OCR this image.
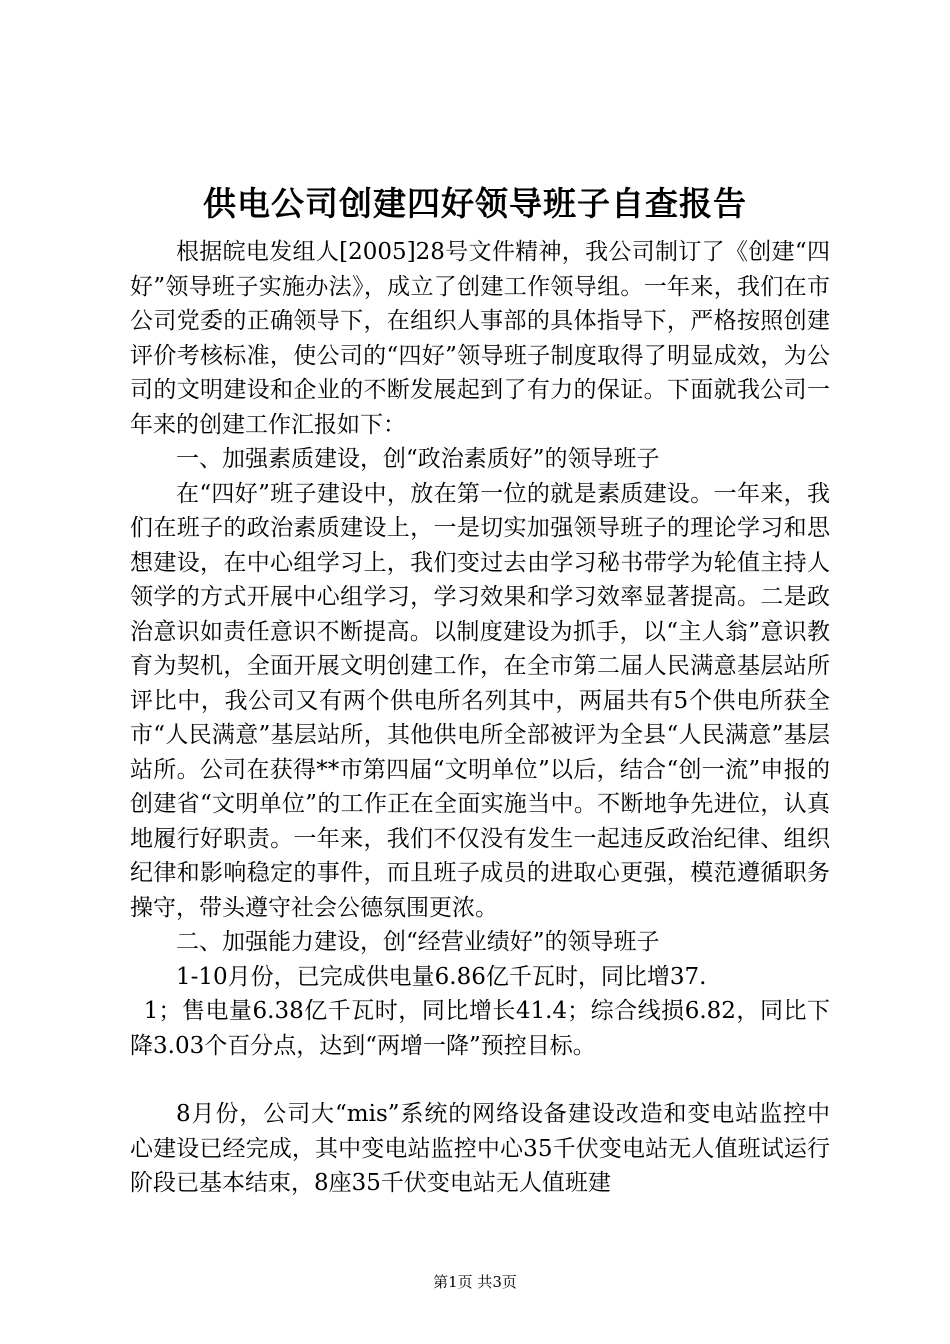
供电公司创建四好领导班子自查报告

根据皖电发组人[2005]28号文件精神，我公司制订了《创建“四好”领导班子实施办法》，成立了创建工作领导组。一年来，我们在市公司党委的正确领导下，在组织人事部的具体指导下，严格按照创建评价考核标准，使公司的“四好”领导班子制度取得了明显成效，为公司的文明建设和企业的不断发展起到了有力的保证。下面就我公司一年来的创建工作汇报如下：

一、加强素质建设，创“政治素质好”的领导班子

在“四好”班子建设中，放在第一位的就是素质建设。一年来，我们在班子的政治素质建设上，一是切实加强领导班子的理论学习和思想建设，在中心组学习上，我们变过去由学习秘书带学为轮值主持人领学的方式开展中心组学习，学习效果和学习效率显著提高。二是政治意识如责任意识不断提高。以制度建设为抓手，以“主人翁”意识教育为契机，全面开展文明创建工作，在全市第二届人民满意基层站所评比中，我公司又有两个供电所名列其中，两届共有5个供电所获全市“人民满意”基层站所，其他供电所全部被评为全县“人民满意”基层站所。公司在获得**市第四届“文明单位”以后，结合“创一流”申报的创建省“文明单位”的工作正在全面实施当中。不断地争先进位，认真地履行好职责。一年来，我们不仅没有发生一起违反政治纪律、组织纪律和影响稳定的事件，而且班子成员的进取心更强，模范遵循职务操守，带头遵守社会公德氛围更浓。

二、加强能力建设，创“经营业绩好”的领导班子

1-10月份，已完成供电量6.86亿千瓦时，同比增37.

1；售电量6.38亿千瓦时，同比增长41.4；综合线损6.82，同比下降3.03个百分点，达到“两增一降”预控目标。

8月份，公司大“mis”系统的网络设备建设改造和变电站监控中心建设已经完成，其中变电站监控中心35千伏变电站无人值班试运行阶段已基本结束，8座35千伏变电站无人值班建

第1页 共3页
